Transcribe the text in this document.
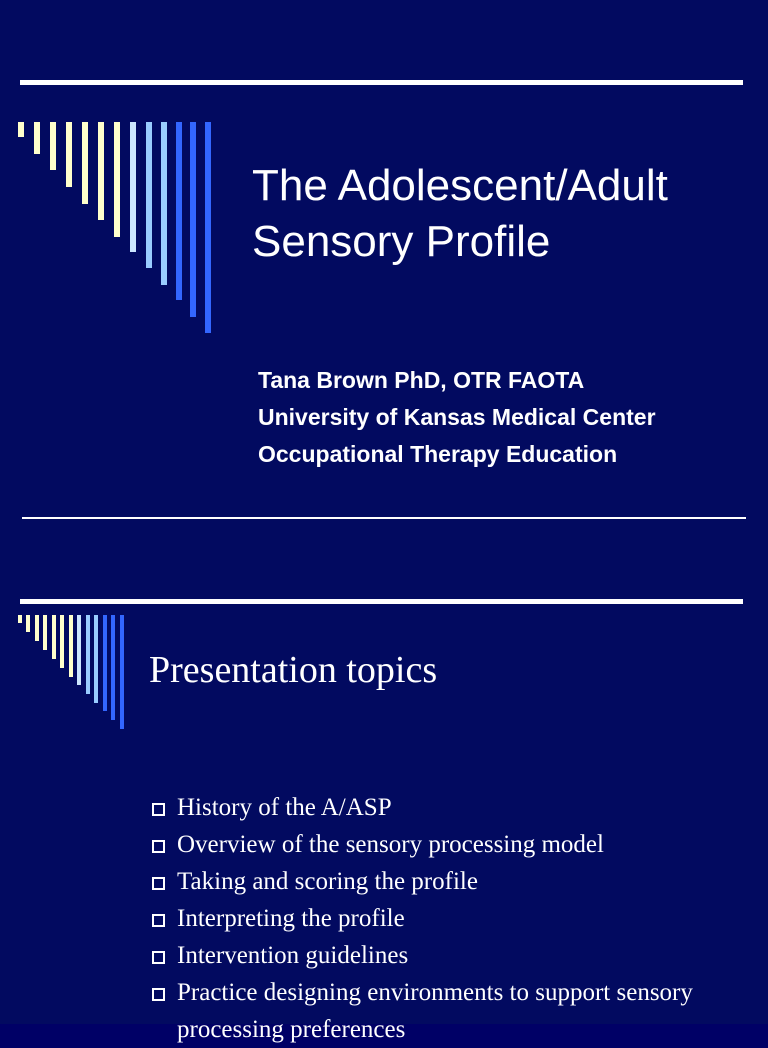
The Adolescent/Adult Sensory Profile
Tana Brown PhD, OTR FAOTA
University of Kansas Medical Center
Occupational Therapy Education
Presentation topics
History of the A/ASP
Overview of the sensory processing model
Taking and scoring the profile
Interpreting the profile
Intervention guidelines
Practice designing environments to support sensory processing preferences
